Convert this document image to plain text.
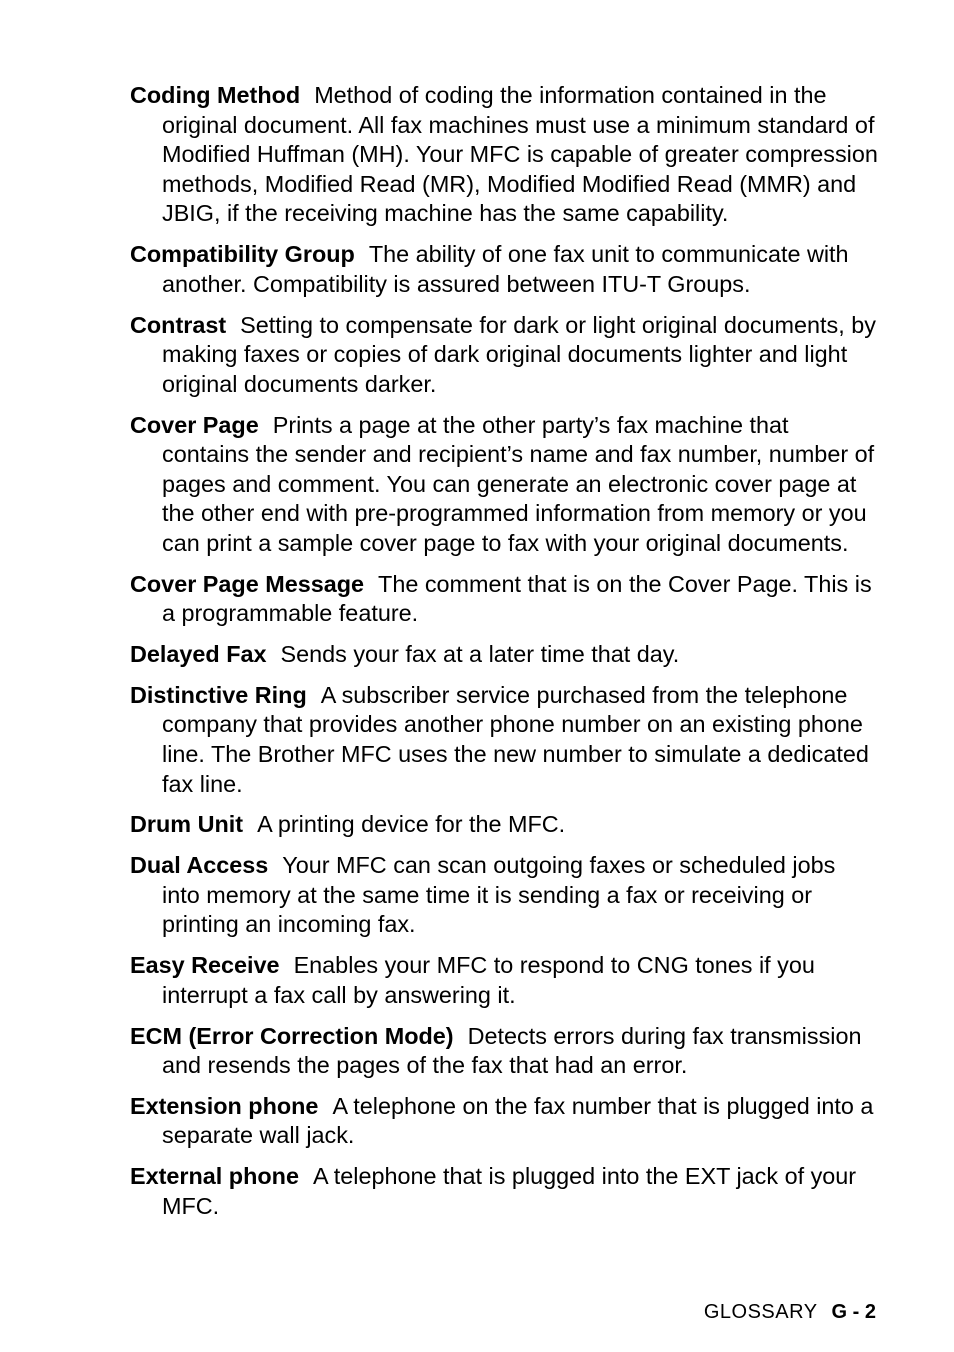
Coding Method Method of coding the information contained in the original document. All fax machines must use a minimum standard of Modified Huffman (MH). Your MFC is capable of greater compression methods, Modified Read (MR), Modified Modified Read (MMR) and JBIG, if the receiving machine has the same capability.

Compatibility Group The ability of one fax unit to communicate with another. Compatibility is assured between ITU-T Groups.

Contrast Setting to compensate for dark or light original documents, by making faxes or copies of dark original documents lighter and light original documents darker.

Cover Page Prints a page at the other party’s fax machine that contains the sender and recipient’s name and fax number, number of pages and comment. You can generate an electronic cover page at the other end with pre-programmed information from memory or you can print a sample cover page to fax with your original documents.

Cover Page Message The comment that is on the Cover Page. This is a programmable feature.

Delayed Fax Sends your fax at a later time that day.

Distinctive Ring A subscriber service purchased from the telephone company that provides another phone number on an existing phone line. The Brother MFC uses the new number to simulate a dedicated fax line.

Drum Unit A printing device for the MFC.

Dual Access Your MFC can scan outgoing faxes or scheduled jobs into memory at the same time it is sending a fax or receiving or printing an incoming fax.

Easy Receive Enables your MFC to respond to CNG tones if you interrupt a fax call by answering it.

ECM (Error Correction Mode) Detects errors during fax transmission and resends the pages of the fax that had an error.

Extension phone A telephone on the fax number that is plugged into a separate wall jack.

External phone A telephone that is plugged into the EXT jack of your MFC.

GLOSSARY G - 2
